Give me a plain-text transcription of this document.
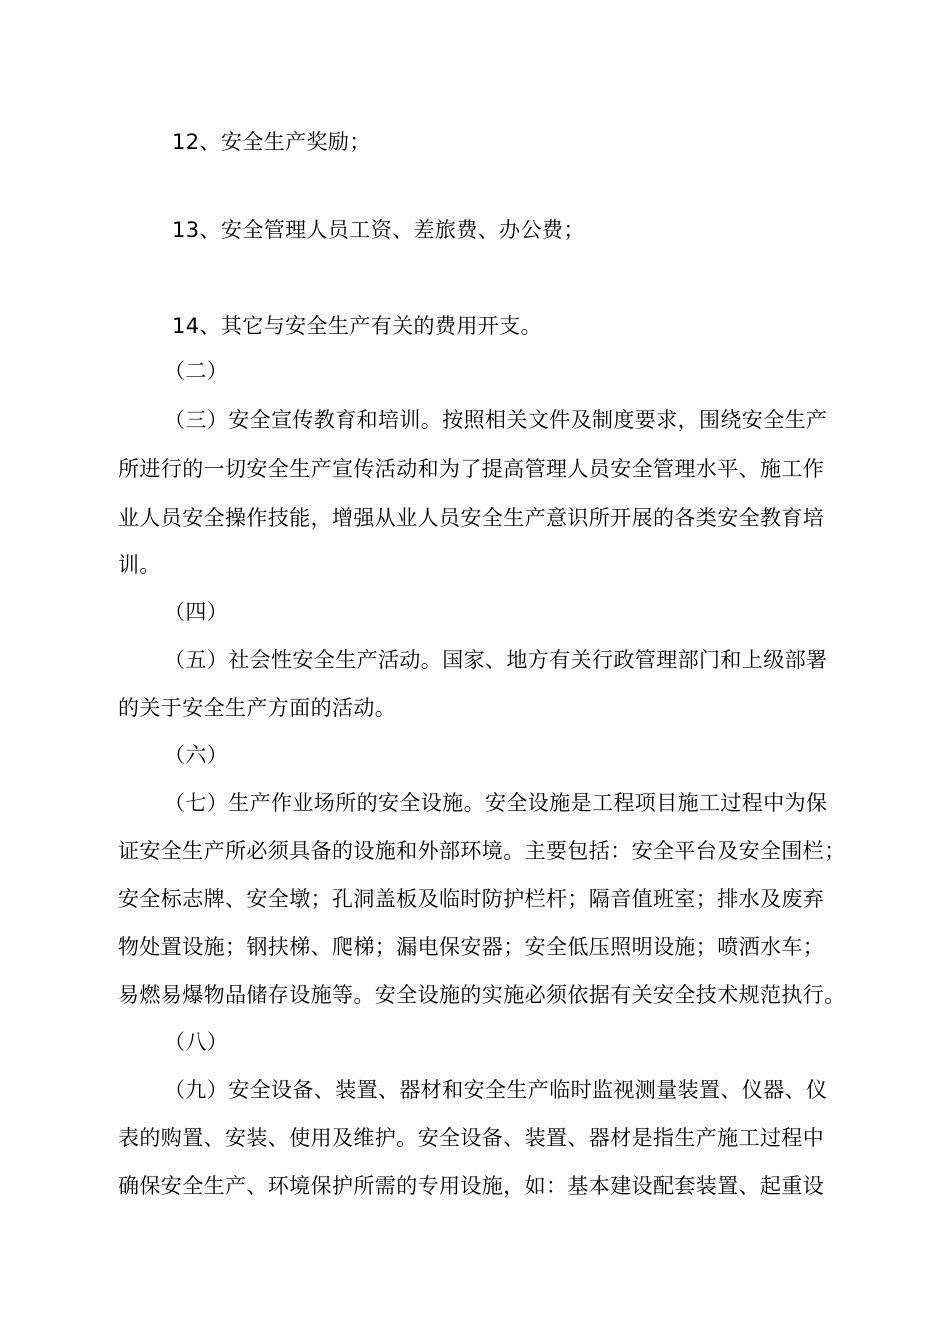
12、安全生产奖励；
13、安全管理人员工资、差旅费、办公费；
14、其它与安全生产有关的费用开支。
（二）
（三）安全宣传教育和培训。按照相关文件及制度要求，围绕安全生产
所进行的一切安全生产宣传活动和为了提高管理人员安全管理水平、施工作
业人员安全操作技能，增强从业人员安全生产意识所开展的各类安全教育培
训。
（四）
（五）社会性安全生产活动。国家、地方有关行政管理部门和上级部署
的关于安全生产方面的活动。
（六）
（七）生产作业场所的安全设施。安全设施是工程项目施工过程中为保
证安全生产所必须具备的设施和外部环境。主要包括：安全平台及安全围栏；
安全标志牌、安全墩；孔洞盖板及临时防护栏杆；隔音值班室；排水及废弃
物处置设施；钢扶梯、爬梯；漏电保安器；安全低压照明设施；喷洒水车；
易燃易爆物品储存设施等。安全设施的实施必须依据有关安全技术规范执行。
（八）
（九）安全设备、装置、器材和安全生产临时监视测量装置、仪器、仪
表的购置、安装、使用及维护。安全设备、装置、器材是指生产施工过程中
确保安全生产、环境保护所需的专用设施，如：基本建设配套装置、起重设
